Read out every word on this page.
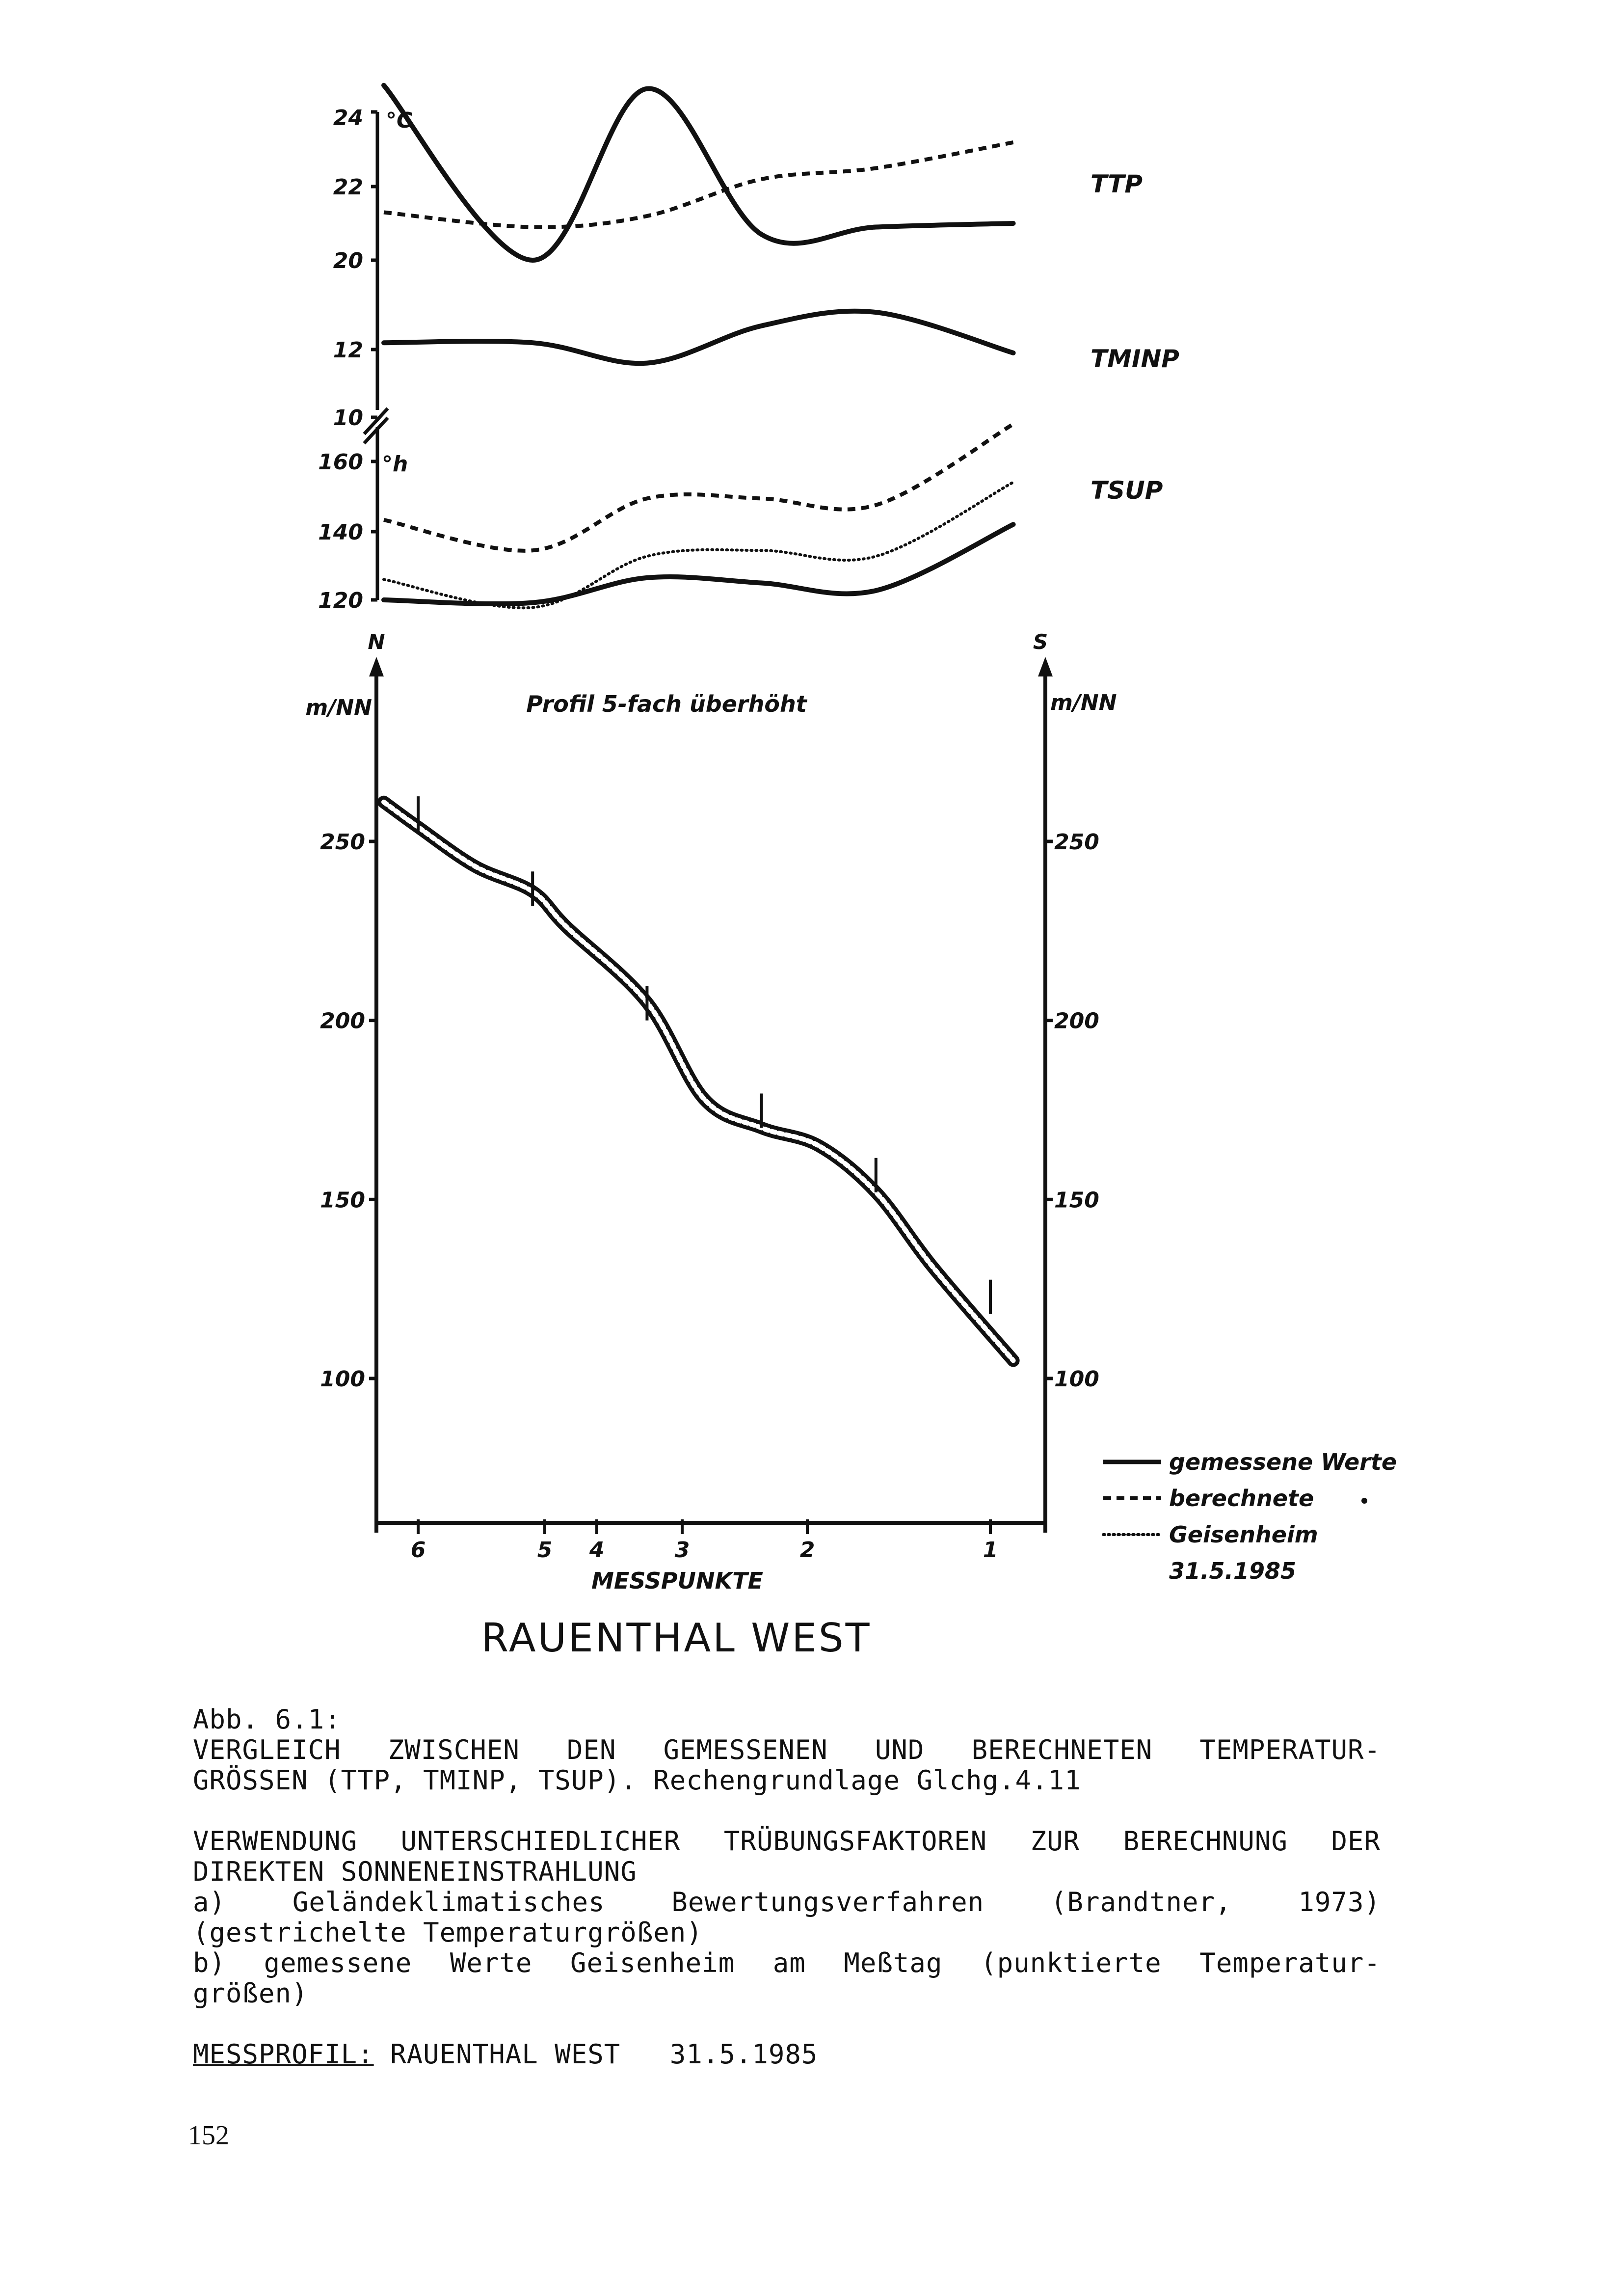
24 °C
22
20
12
10
160 °h
140
120
TTP
TMINP
TSUP
N	S
m/NN	m/NN
Profil 5-fach überhöht
250	250
200	200
150	150
100	100
6	5 4	3	2	1
MESSPUNKTE
gemessene Werte
berechnete
Geisenheim
31.5.1985
RAUENTHAL WEST
Abb. 6.1:
VERGLEICH ZWISCHEN DEN GEMESSENEN UND BERECHNETEN TEMPERATUR-
GRÖSSEN (TTP, TMINP, TSUP). Rechengrundlage Glchg.4.11
VERWENDUNG UNTERSCHIEDLICHER TRÜBUNGSFAKTOREN ZUR BERECHNUNG DER
DIREKTEN SONNENEINSTRAHLUNG
a)	Geländeklimatisches	Bewertungsverfahren	(Brandtner,	1973)
(gestrichelte Temperaturgrößen)
b) gemessene Werte Geisenheim am Meßtag (punktierte Temperatur-
größen)
MESSPROFIL: RAUENTHAL WEST   31.5.1985
152
